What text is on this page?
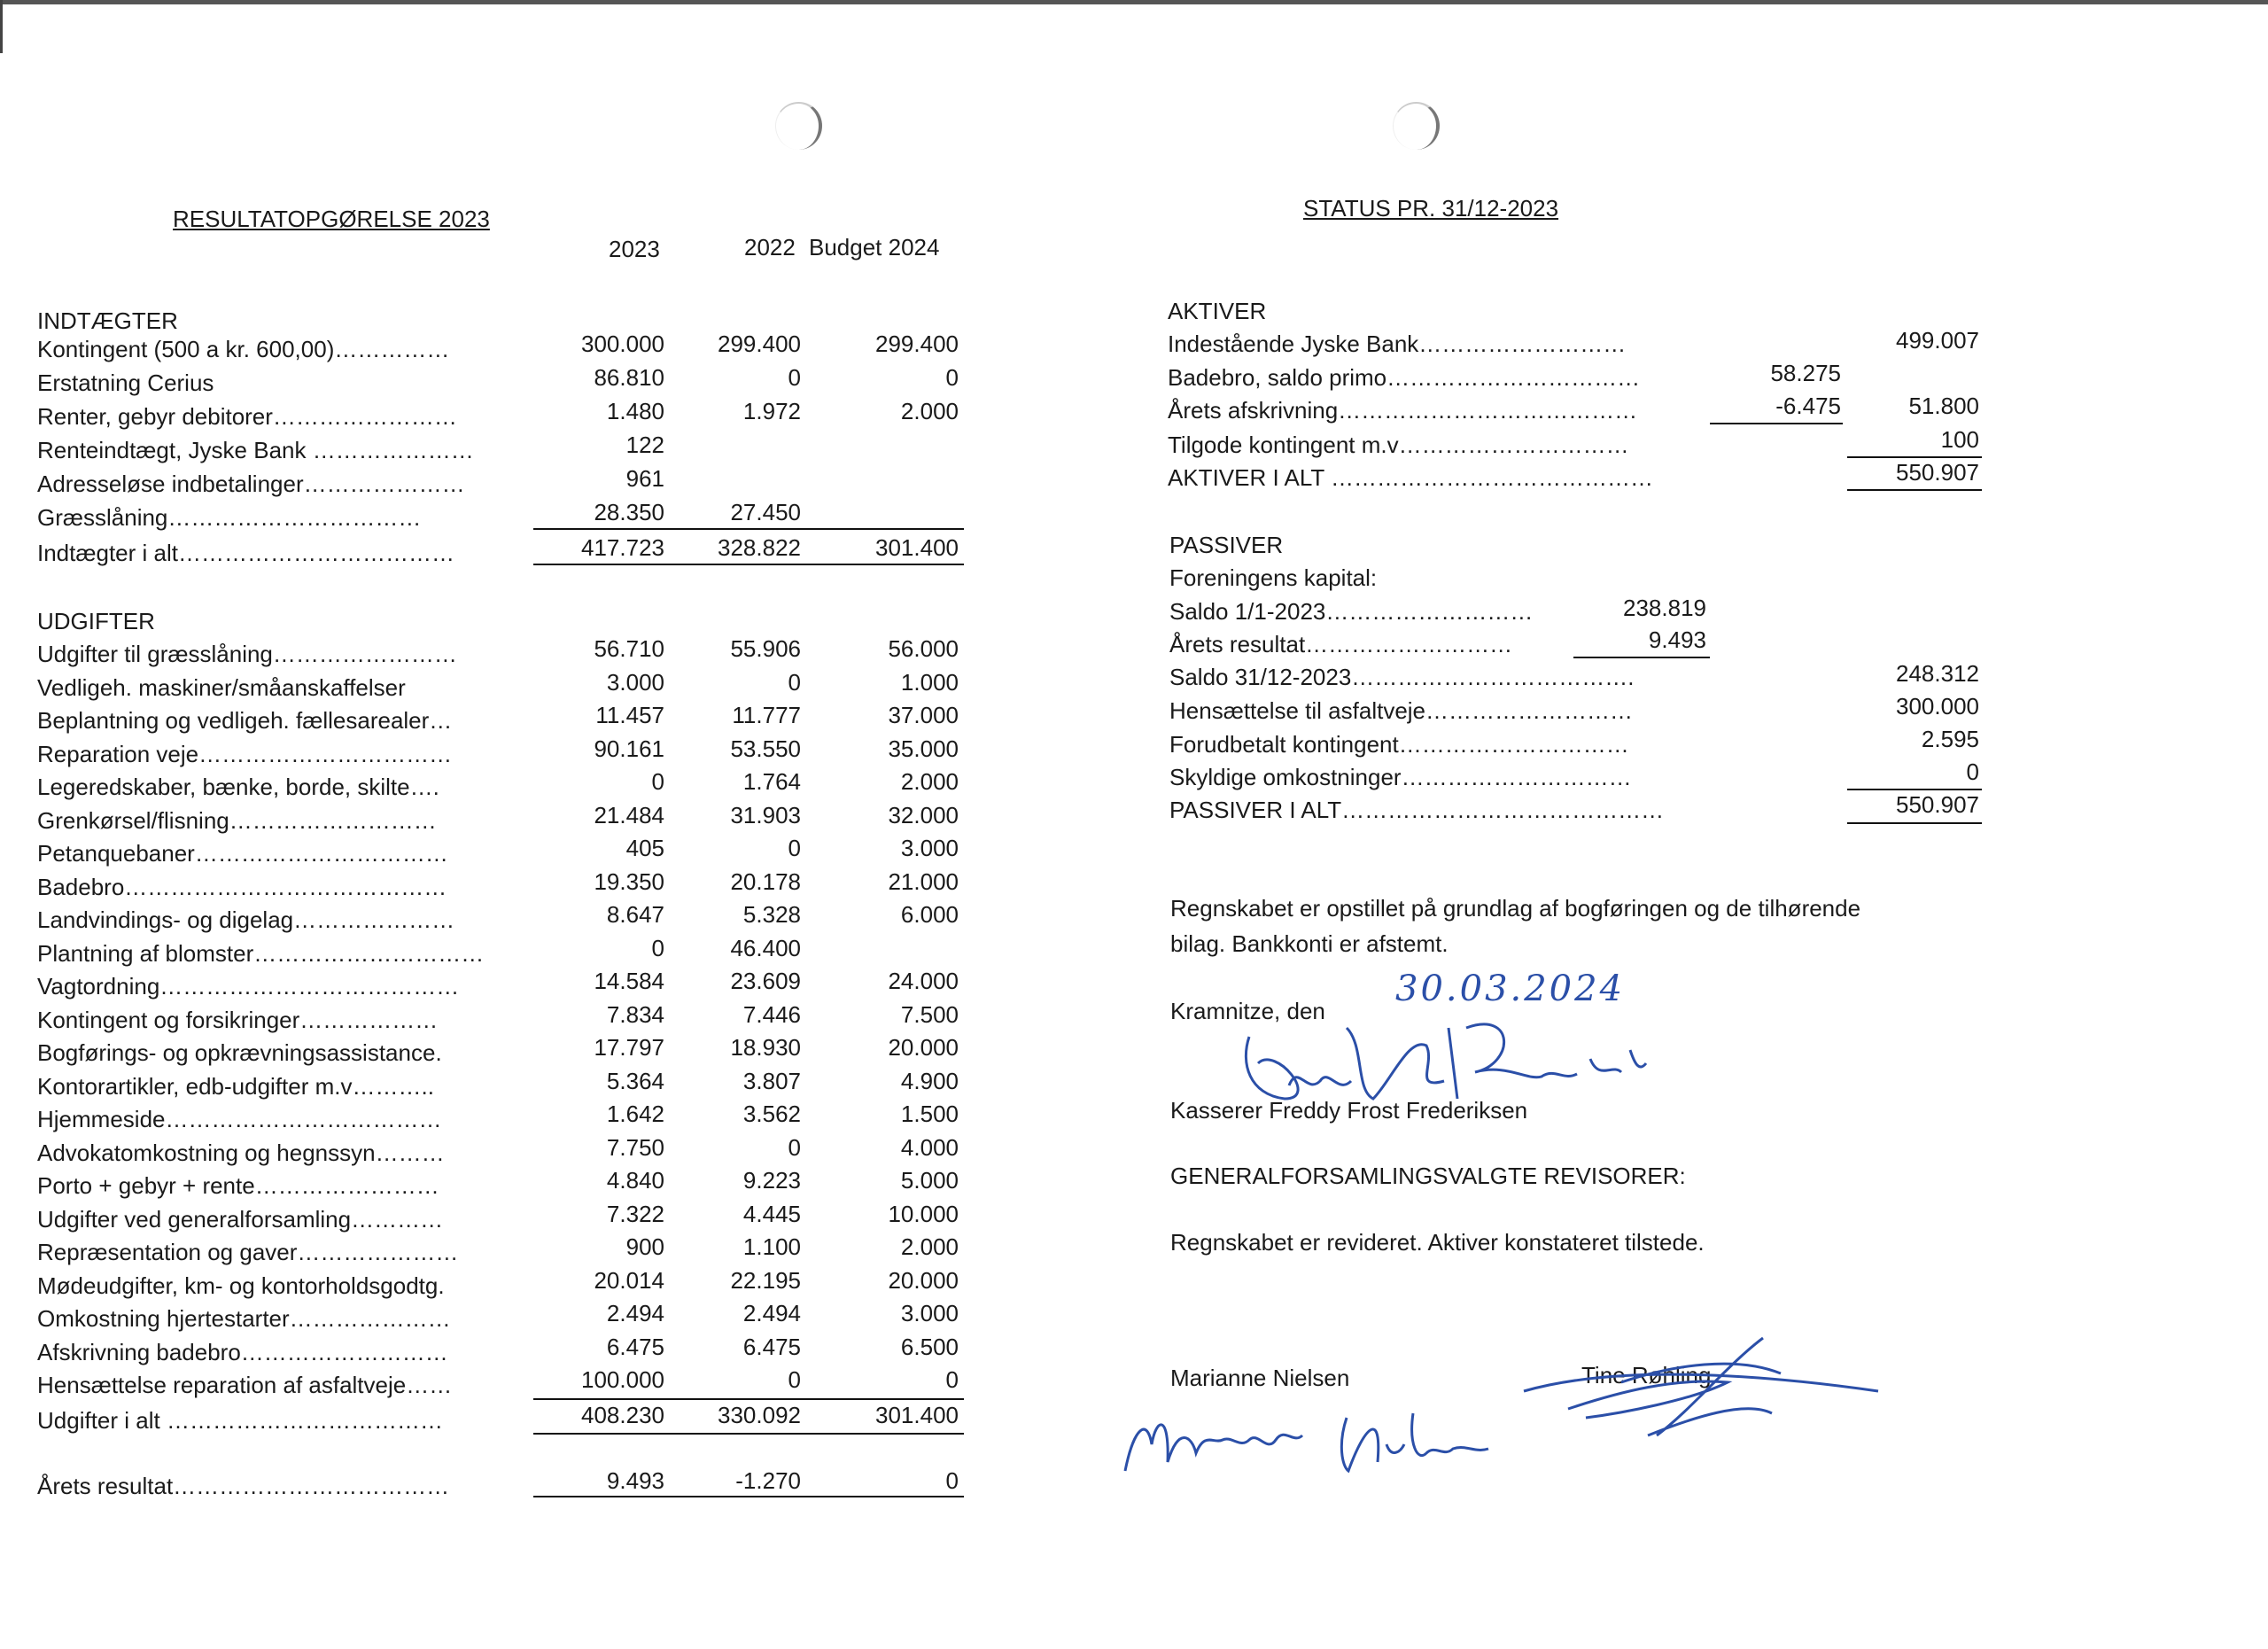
RESULTATOPGØRELSE 2023
2023	2022 Budget 2024
INDTÆGTER
Kontingent (500 a kr. 600,00)……………	300.000	299.400	299.400
Erstatning Cerius	86.810	0	0
Renter, gebyr debitorer……………………	1.480	1.972	2.000
Renteindtægt, Jyske Bank …………………	122
Adresseløse indbetalinger…………………	961
Græsslåning……………………………	28.350	27.450
Indtægter i alt………………………………	417.723	328.822	301.400
UDGIFTER
Udgifter til græsslåning……………………	56.710	55.906	56.000
Vedligeh. maskiner/småanskaffelser	3.000	0	1.000
Beplantning og vedligeh. fællesarealer…	11.457	11.777	37.000
Reparation veje……………………………	90.161	53.550	35.000
Legeredskaber, bænke, borde, skilte….	0	1.764	2.000
Grenkørsel/flisning………………………	21.484	31.903	32.000
Petanquebaner……………………………	405	0	3.000
Badebro……………………………………	19.350	20.178	21.000
Landvindings- og digelag…………………	8.647	5.328	6.000
Plantning af blomster…………………………	0	46.400
Vagtordning…………………………………	14.584	23.609	24.000
Kontingent og forsikringer………………	7.834	7.446	7.500
Bogførings- og opkrævningsassistance.	17.797	18.930	20.000
Kontorartikler, edb-udgifter m.v………..	5.364	3.807	4.900
Hjemmeside………………………………	1.642	3.562	1.500
Advokatomkostning og hegnssyn………	7.750	0	4.000
Porto + gebyr + rente……………………	4.840	9.223	5.000
Udgifter ved generalforsamling…………	7.322	4.445	10.000
Repræsentation og gaver…………………	900	1.100	2.000
Mødeudgifter, km- og kontorholdsgodtg.	20.014	22.195	20.000
Omkostning hjertestarter…………………	2.494	2.494	3.000
Afskrivning badebro………………………	6.475	6.475	6.500
Hensættelse reparation af asfaltveje……	100.000	0	0
Udgifter i alt ………………………………	408.230	330.092	301.400
Årets resultat………………………………	9.493	-1.270	0
STATUS PR. 31/12-2023
AKTIVER
Indestående Jyske Bank………………………	499.007
Badebro, saldo primo……………………………	58.275
Årets afskrivning…………………………………	-6.475	51.800
Tilgode kontingent m.v…………………………	100
AKTIVER I ALT ……………………………………	550.907
PASSIVER
Foreningens kapital:
Saldo 1/1-2023………………………	238.819
Årets resultat………………………	9.493
Saldo 31/12-2023……………………………….	248.312
Hensættelse til asfaltveje………………………	300.000
Forudbetalt kontingent…………………………	2.595
Skyldige omkostninger…………………………	0
PASSIVER I ALT……………………………………	550.907
Regnskabet er opstillet på grundlag af bogføringen og de tilhørende
bilag. Bankkonti er afstemt.
Kramnitze, den
30.03.2024
Kasserer Freddy Frost Frederiksen
GENERALFORSAMLINGSVALGTE REVISORER:
Regnskabet er revideret. Aktiver konstateret tilstede.
Marianne Nielsen	Tine Røhling
